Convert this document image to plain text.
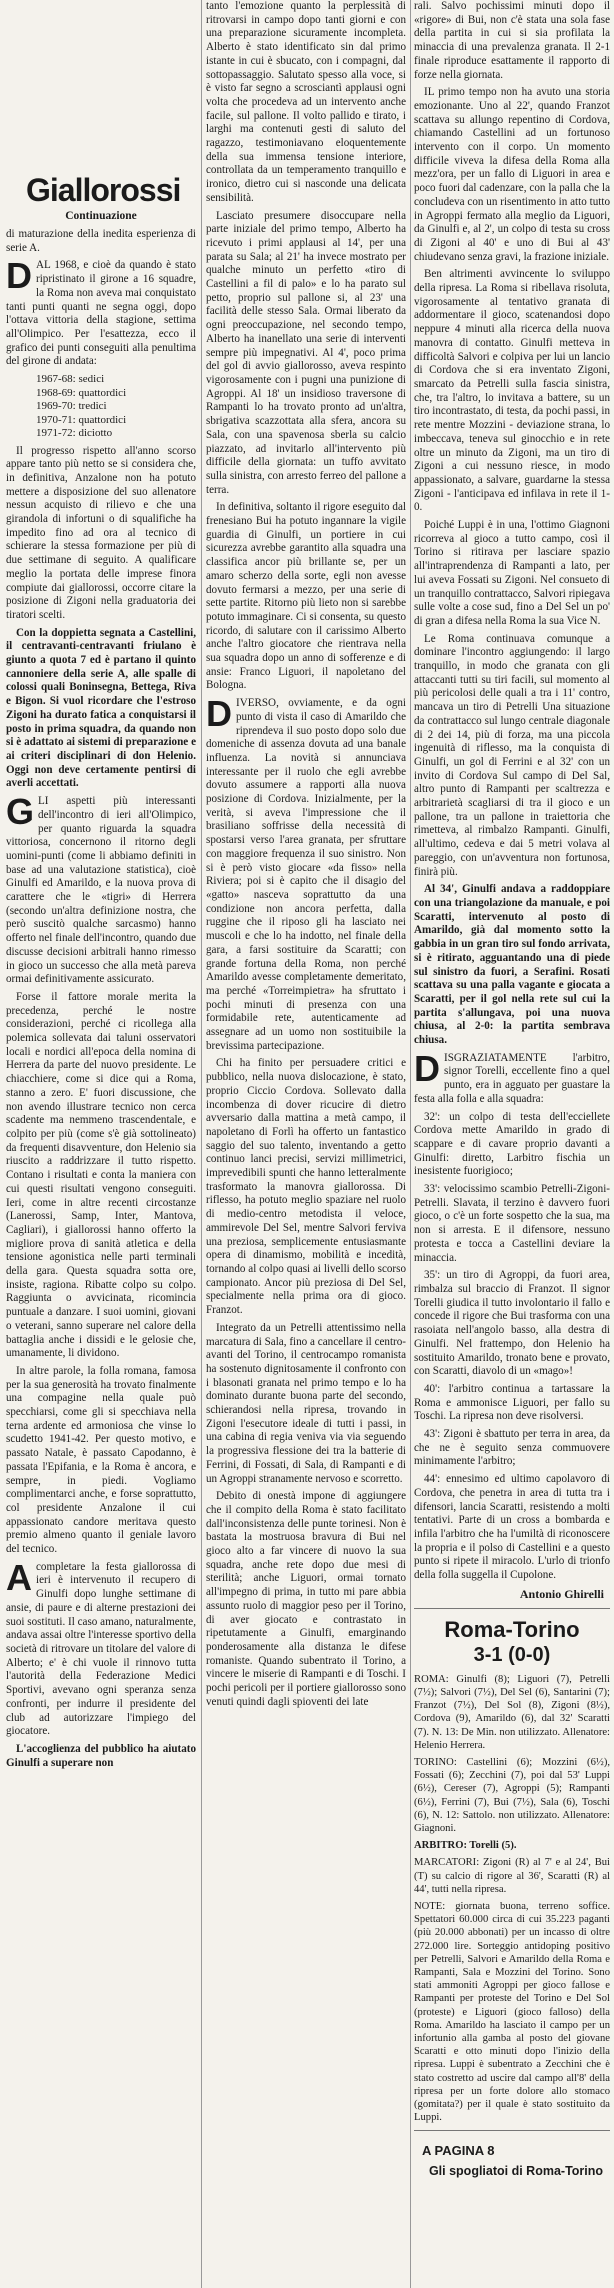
Giallorossi
Continuazione

di maturazione della inedita esperienza di serie A.

DAL 1968, e cioè da quando è stato ripristinato il girone a 16 squadre, la Roma non aveva mai conquistato tanti punti quanti ne segna oggi, dopo l'ottava vittoria della stagione, settima all'Olimpico. Per l'esattezza, ecco il grafico dei punti conseguiti alla penultima del girone di andata:

1967-68: sedici
1968-69: quattordici
1969-70: tredici
1970-71: quattordici
1971-72: diciotto

Il progresso rispetto all'anno scorso appare tanto più netto se si considera che, in definitiva, Anzalone non ha potuto mettere a disposizione del suo allenatore nessun acquisto di rilievo e che una girandola di infortuni o di squalifiche ha impedito fino ad ora al tecnico di schierare la stessa formazione per più di due settimane di seguito. A qualificare meglio la portata delle imprese finora compiute dai giallorossi, occorre citare la posizione di Zigoni nella graduatoria dei tiratori scelti.

Con la doppietta segnata a Castellini, il centravanti-centravanti friulano è giunto a quota 7 ed è partano il quinto cannoniere della serie A, alle spalle di colossi quali Boninsegna, Bettega, Riva e Bigon. Si vuol ricordare che l'estroso Zigoni ha durato fatica a conquistarsi il posto in prima squadra, da quando non si è adattato ai sistemi di preparazione e ai criteri disciplinari di don Helenio. Oggi non deve certamente pentirsi di averli accettati.

GLI aspetti più interessanti dell'incontro di ieri all'Olimpico, per quanto riguarda la squadra vittoriosa, concernono il ritorno degli uomini-punti (come li abbiamo definiti in base ad una valutazione statistica), cioè Ginulfi ed Amarildo, e la nuova prova di carattere che le «tigri» di Herrera (secondo un'altra definizione nostra, che però suscitò qualche sarcasmo) hanno offerto nel finale dell'incontro, quando due discusse decisioni arbitrali hanno rimesso in gioco un successo che alla metà pareva ormai definitivamente assicurato.

Forse il fattore morale merita la precedenza, perché le nostre considerazioni, perché ci ricollega alla polemica sollevata dai taluni osservatori locali e nordici all'epoca della nomina di Herrera da parte del nuovo presidente. Le chiacchiere, come si dice qui a Roma, stanno a zero. E' fuori discussione, che non avendo illustrare tecnico non cerca scadente ma nemmeno trascendentale, e colpito per più (come s'è già sottolineato) da frequenti disavventure, don Helenio sia riuscito a raddrizzare il tutto rispetto. Contano i risultati e conta la maniera con cui questi risultati vengono conseguiti. Ieri, come in altre recenti circostanze (Lanerossi, Samp, Inter, Mantova, Cagliari), i giallorossi hanno offerto la migliore prova di sanità atletica e della tensione agonistica nelle parti terminali della gara. Questa squadra sotta ore, insiste, ragiona. Ribatte colpo su colpo. Raggiunta o avvicinata, ricomincia puntuale a danzare. I suoi uomini, giovani o veterani, sanno superare nel calore della battaglia anche i dissidi e le gelosie che, umanamente, li dividono.

In altre parole, la folla romana, famosa per la sua generosità ha trovato finalmente una compagine nella quale può specchiarsi, come gli si specchiava nella terna ardente ed armoniosa che vinse lo scudetto 1941-42. Per questo motivo, e passato Natale, è passato Capodanno, è passata l'Epifania, e la Roma è ancora, e sempre, in piedi. Vogliamo complimentarci anche, e forse soprattutto, col presidente Anzalone il cui appassionato candore meritava questo premio almeno quanto il geniale lavoro del tecnico.

Acompletare la festa giallorossa di ieri è intervenuto il recupero di Ginulfi dopo lunghe settimane di ansie, di paure e di alterne prestazioni dei suoi sostituti. Il caso amano, naturalmente, andava assai oltre l'interesse sportivo della società di ritrovare un titolare del valore di Alberto; e' è chi vuole il rinnovo tutta l'autorità della Federazione Medici Sportivi, avevano ogni speranza senza confronti, per indurre il presidente del club ad autorizzare l'impiego del giocatore.

L'accoglienza del pubblico ha aiutato Ginulfi a superare non

tanto l'emozione quanto la perplessità di ritrovarsi in campo dopo tanti giorni e con una preparazione sicuramente incompleta. Alberto è stato identificato sin dal primo istante in cui è sbucato, con i compagni, dal sottopassaggio. Salutato spesso alla voce, si è visto far segno a scrosciantì applausi ogni volta che procedeva ad un intervento anche facile, sul pallone. Il volto pallido e tirato, i larghi ma contenuti gesti di saluto del ragazzo, testimoniavano eloquentemente della sua immensa tensione interiore, controllata da un temperamento tranquillo e ironico, dietro cui si nasconde una delicata sensibilità.

Lasciato presumere disoccupare nella parte iniziale del primo tempo, Alberto ha ricevuto i primi applausi al 14', per una parata su Sala; al 21' ha invece mostrato per qualche minuto un perfetto «tiro di Castellini a fil di palo» e lo ha parato sul petto, proprio sul pallone si, al 23' una facilità delle stesso Sala. Ormai liberato da ogni preoccupazione, nel secondo tempo, Alberto ha inanellato una serie di interventi sempre più impegnativi. Al 4', poco prima del gol di avvio giallorosso, aveva respinto vigorosamente con i pugni una punizione di Agroppi. Al 18' un insidioso traversone di Rampanti lo ha trovato pronto ad un'altra, sbrigativa scazzottata alla sfera, ancora su Sala, con una spavenosa sberla su calcio piazzato, ad invitarlo all'intervento più difficile della giornata: un tuffo avvitato sulla sinistra, con arresto ferreo del pallone a terra.

In definitiva, soltanto il rigore eseguito dal frenesiano Bui ha potuto ingannare la vigile guardia di Ginulfi, un portiere in cui sicurezza avrebbe garantito alla squadra una classifica ancor più brillante se, per un amaro scherzo della sorte, egli non avesse dovuto fermarsi a mezzo, per una serie di sette partite. Ritorno più lieto non si sarebbe potuto immaginare. Ci si consenta, su questo ricordo, di salutare con il carissimo Alberto anche l'altro giocatore che rientrava nella sua squadra dopo un anno di sofferenze e di ansie: Franco Liguori, il napoletano del Bologna.

DIVERSO, ovviamente, e da ogni punto di vista il caso di Amarildo che riprendeva il suo posto dopo solo due domeniche di assenza dovuta ad una banale influenza. La novità si annunciava interessante per il ruolo che egli avrebbe dovuto assumere a rapporti alla nuova posizione di Cordova. Inizialmente, per la verità, si aveva l'impressione che il brasiliano soffrisse della necessità di spostarsi verso l'area granata, per sfruttare con maggiore frequenza il suo sinistro. Non si è però visto giocare «da fisso» nella Riviera; poi si è capito che il disagio del «gatto» nasceva soprattutto da una condizione non ancora perfetta, dalla ruggine che il riposo gli ha lasciato nei muscoli e che lo ha indotto, nel finale della gara, a farsi sostituire da Scaratti; con grande fortuna della Roma, non perché Amarildo avesse completamente demeritato, ma perché «Torreimpietra» ha sfruttato i pochi minuti di presenza con una formidabile rete, autenticamente ad assegnare ad un uomo non sostituibile la brevissima partecipazione.

Chi ha finito per persuadere critici e pubblico, nella nuova dislocazione, è stato, proprio Ciccio Cordova. Sollevato dalla incombenza di dover ricucire di dietro avversario dalla mattina a metà campo, il napoletano di Forlì ha offerto un fantastico saggio del suo talento, inventando a getto continuo lanci precisi, servizi millimetrici, imprevedibili spunti che hanno letteralmente trasformato la manovra giallorossa. Di riflesso, ha potuto meglio spaziare nel ruolo di medio-centro metodista il veloce, ammirevole Del Sel, mentre Salvori ferviva una preziosa, semplicemente entusiasmante opera di dinamismo, mobilità e incedità, tornando al colpo quasi ai livelli dello scorso campionato. Ancor più preziosa di Del Sel, specialmente nella prima ora di gioco. Franzot.

Integrato da un Petrelli attentissimo nella marcatura di Sala, fino a cancellare il centro-avanti del Torino, il centrocampo romanista ha sostenuto dignitosamente il confronto con i blasonati granata nel primo tempo e lo ha dominato durante buona parte del secondo, schierandosi nella ripresa, trovando in Zigoni l'esecutore ideale di tutti i passi, in una cabina di regia veniva via via seguendo la progressiva flessione dei tra la batterie di Ferrini, di Fossati, di Sala, di Rampanti e di un Agroppi stranamente nervoso e scorretto.

Debito di onestà impone di aggiungere che il compito della Roma è stato facilitato dall'inconsistenza delle punte torinesi. Non è bastata la mostruosa bravura di Bui nel gioco alto a far vincere di nuovo la sua squadra, anche rete dopo due mesi di sterilità; anche Liguori, ormai tornato all'impegno di prima, in tutto mi pare abbia assunto ruolo di maggior peso per il Torino, di aver giocato e contrastato in ripetutamente a Ginulfi, emarginando ponderosamente alla distanza le difese romaniste. Quando subentrato il Torino, a vincere le miserie di Rampanti e di Toschi. I pochi pericoli per il portiere giallorosso sono venuti quindi dagli spioventi dei late

rali. Salvo pochissimi minuti dopo il «rigore» di Bui, non c'è stata una sola fase della partita in cui si sia profilata la minaccia di una prevalenza granata. Il 2-1 finale riproduce esattamente il rapporto di forze nella giornata.

IL primo tempo non ha avuto una storia emozionante. Uno al 22', quando Franzot scattava su allungo repentino di Cordova, chiamando Castellini ad un fortunoso intervento con il corpo. Un momento difficile viveva la difesa della Roma alla mezz'ora, per un fallo di Liguori in area e poco fuori dal cadenzare, con la palla che la concludeva con un risentimento in atto tutto in Agroppi fermato alla meglio da Liguori, da Ginulfi e, al 2', un colpo di testa su cross di Zigoni al 40' e uno di Bui al 43' chiudevano senza gravi, la frazione iniziale.

Ben altrimenti avvincente lo sviluppo della ripresa. La Roma si ribellava risoluta, vigorosamente al tentativo granata di addormentare il gioco, scatenandosi dopo neppure 4 minuti alla ricerca della nuova manovra di contatto. Ginulfi metteva in difficoltà Salvori e colpiva per lui un lancio di Cordova che si era inventato Zigoni, smarcato da Petrelli sulla fascia sinistra, che, tra l'altro, lo invitava a battere, su un tiro incontrastato, di testa, da pochi passi, in rete mentre Mozzini - deviazione strana, lo imbeccava, teneva sul ginocchio e in rete oltre un minuto da Zigoni, ma un tiro di Zigoni a cui nessuno riesce, in modo appassionato, a salvare, guardarne la stessa Zigoni - l'anticipava ed infilava in rete il 1-0.

Poiché Luppi è in una, l'ottimo Giagnoni ricorreva al gioco a tutto campo, così il Torino si ritirava per lasciare spazio all'intraprendenza di Rampanti a lato, per lui aveva Fossati su Zigoni. Nel consueto di un tranquillo contrattacco, Salvori ripiegava sulle volte a cose sud, fino a Del Sel un po' di gran a difesa nella Roma la sua Vice N.

Le Roma continuava comunque a dominare l'incontro aggiungendo: il largo tranquillo, in modo che granata con gli attaccanti tutti su tiri facili, sul momento al più pericolosi delle quali a tra i 11' contro, mancava un tiro di Petrelli Una situazione da contrattacco sul lungo centrale diagonale di 2 dei 14, più di forza, ma una piccola ingenuità di riflesso, ma la conquista di Ginulfi, un gol di Ferrini e al 32' con un invito di Cordova Sul campo di Del Sal, altro punto di Rampanti per scaltrezza e arbitrarietà scagliarsi di tra il gioco e un pallone, tra un pallone in traiettoria che rimetteva, al rimbalzo Rampanti. Ginulfi, all'ultimo, cedeva e dai 5 metri volava al pareggio, con un'avventura non fortunosa, finirà più.

Al 34', Ginulfi andava a raddoppiare con una triangolazione da manuale, e poi Scaratti, intervenuto al posto di Amarildo, già dal momento sotto la gabbia in un gran tiro sul fondo arrivata, si è ritirato, agguantando una di piede sul sinistro da fuori, a Serafini. Rosati scattava su una palla vagante e giocata a Scaratti, per il gol nella rete sul cui la partita s'allungava, poi una nuova chiusa, al 2-0: la partita sembrava chiusa.

DISGRAZIATAMENTE l'arbitro, signor Torelli, eccellente fino a quel punto, era in agguato per guastare la festa alla folla e alla squadra:

32': un colpo di testa dell'ecciellete Cordova mette Amarildo in grado di scappare e di cavare proprio davanti a Ginulfi: diretto, Larbitro fischia un inesistente fuorigioco;

33': velocissimo scambio Petrelli-Zigoni-Petrelli. Slavata, il terzino è davvero fuori gioco, o c'è un forte sospetto che la sua, ma non si arresta. E il difensore, nessuno protesta e tocca a Castellini deviare la minaccia.

35': un tiro di Agroppi, da fuori area, rimbalza sul braccio di Franzot. Il signor Torelli giudica il tutto involontario il fallo e concede il rigore che Bui trasforma con una rasoiata nell'angolo basso, alla destra di Ginulfi. Nel frattempo, don Helenio ha sostituito Amarildo, tronato bene e provato, con Scaratti, diavolo di un «mago»!

40': l'arbitro continua a tartassare la Roma e ammonisce Liguori, per fallo su Toschi. La ripresa non deve risolversi.

43': Zigoni è sbattuto per terra in area, da che ne è seguito senza commuovere minimamente l'arbitro;

44': ennesimo ed ultimo capolavoro di Cordova, che penetra in area di tutta tra i difensori, lancia Scaratti, resistendo a molti tentativi. Parte di un cross a bombarda e infila l'arbitro che ha l'umiltà di riconoscere la propria e il polso di Castellini e a questo punto si ripete il miracolo. L'urlo di trionfo della folla suggella il Cupolone.

Antonio Ghirelli
Roma-Torino
3-1 (0-0)

ROMA: Ginulfi (8); Liguori (7), Petrelli (7½); Salvori (7½), Del Sel (6), Santarini (7); Franzot (7½), Del Sol (8), Zigoni (8½), Cordova (9), Amarildo (6), dal 32' Scaratti (7). N. 13: De Min. non utilizzato. Allenatore: Helenio Herrera.

TORINO: Castellini (6); Mozzini (6½), Fossati (6); Zecchini (7), poi dal 53' Luppi (6½), Cereser (7), Agroppi (5); Rampanti (6½), Ferrini (7), Bui (7½), Sala (6), Toschi (6), N. 12: Sattolo. non utilizzato. Allenatore: Giagnoni.

ARBITRO: Torelli (5).

MARCATORI: Zigoni (R) al 7' e al 24', Bui (T) su calcio di rigore al 36', Scaratti (R) al 44', tutti nella ripresa.

NOTE: giornata buona, terreno soffice. Spettatori 60.000 circa di cui 35.223 paganti (più 20.000 abbonati) per un incasso di oltre 272.000 lire. Sorteggio antidoping positivo per Petrelli, Salvori e Amarildo della Roma e Rampanti, Sala e Mozzini del Torino. Sono stati ammoniti Agroppi per gioco fallose e Rampanti per proteste del Torino e Del Sol (proteste) e Liguori (gioco falloso) della Roma. Amarildo ha lasciato il campo per un infortunio alla gamba al posto del giovane Scaratti e otto minuti dopo l'inizio della ripresa. Luppi è subentrato a Zecchini che è stato costretto ad uscire dal campo all'8' della ripresa per un forte dolore allo stomaco (gomitata?) per il quale è stato sostituito da Luppi.

A PAGINA 8
Gli spogliatoi di Roma-Torino
